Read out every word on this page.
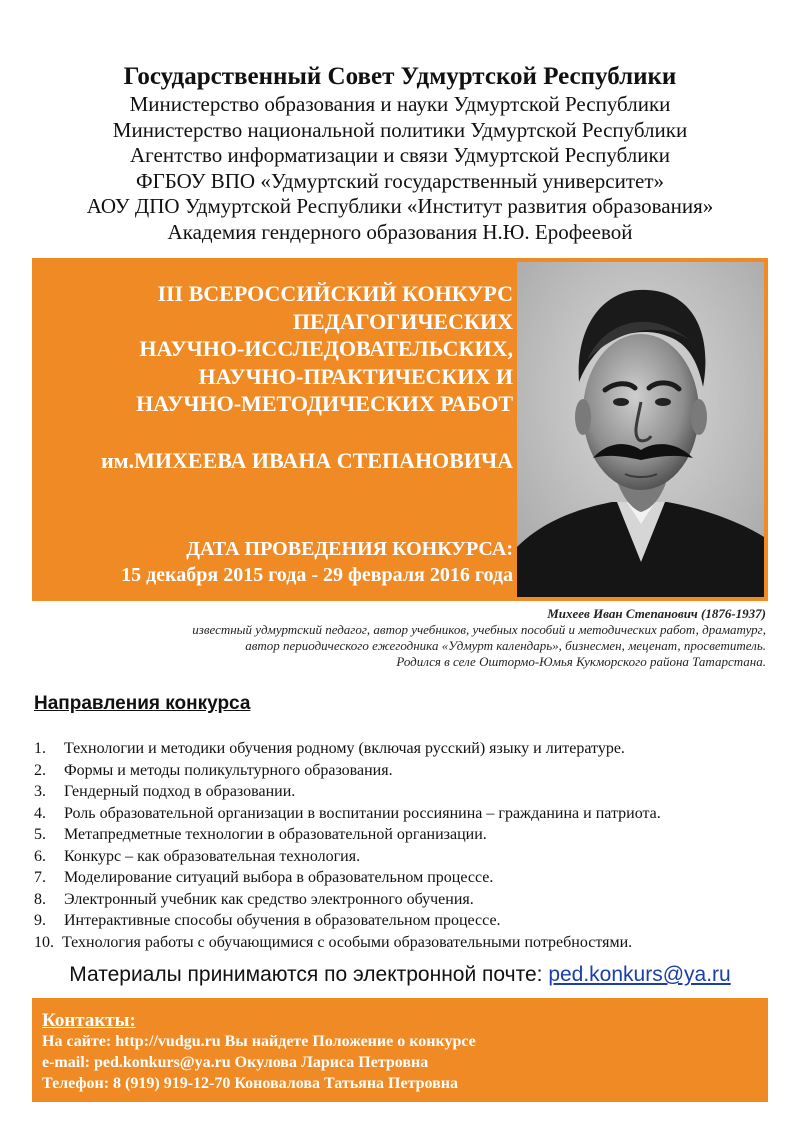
Государственный Совет Удмуртской Республики
Министерство образования и науки Удмуртской Республики
Министерство национальной политики Удмуртской Республики
Агентство информатизации и связи Удмуртской Республики
ФГБОУ ВПО «Удмуртский государственный университет»
АОУ ДПО Удмуртской Республики «Институт развития образования»
Академия гендерного образования Н.Ю. Ерофеевой
III ВСЕРОССИЙСКИЙ КОНКУРС
ПЕДАГОГИЧЕСКИХ
НАУЧНО-ИССЛЕДОВАТЕЛЬСКИХ,
НАУЧНО-ПРАКТИЧЕСКИХ И
НАУЧНО-МЕТОДИЧЕСКИХ РАБОТ
им.МИХЕЕВА ИВАНА СТЕПАНОВИЧА
ДАТА ПРОВЕДЕНИЯ КОНКУРСА:
15 декабря 2015 года - 29 февраля 2016 года
Михеев Иван Степанович (1876-1937)
известный удмуртский педагог, автор учебников, учебных пособий и методических работ, драматург,
автор периодического ежегодника «Удмурт календарь», бизнесмен, меценат, просветитель.
Родился в селе Оштормо-Юмья Кукморского района Татарстана.
Направления конкурса
1. Технологии и методики обучения родному (включая русский) языку и литературе.
2. Формы и методы поликультурного образования.
3. Гендерный подход в образовании.
4. Роль образовательной организации в воспитании россиянина – гражданина и патриота.
5. Метапредметные технологии в образовательной организации.
6. Конкурс – как образовательная технология.
7. Моделирование ситуаций выбора в образовательном процессе.
8. Электронный учебник как средство электронного обучения.
9. Интерактивные способы обучения в образовательном процессе.
10. Технология работы с обучающимися с особыми образовательными потребностями.
Материалы принимаются по электронной почте: ped.konkurs@ya.ru
Контакты:
На сайте: http://vudgu.ru Вы найдете Положение о конкурсе
e-mail: ped.konkurs@ya.ru Окулова Лариса Петровна
Телефон: 8 (919) 919-12-70 Коновалова Татьяна Петровна
